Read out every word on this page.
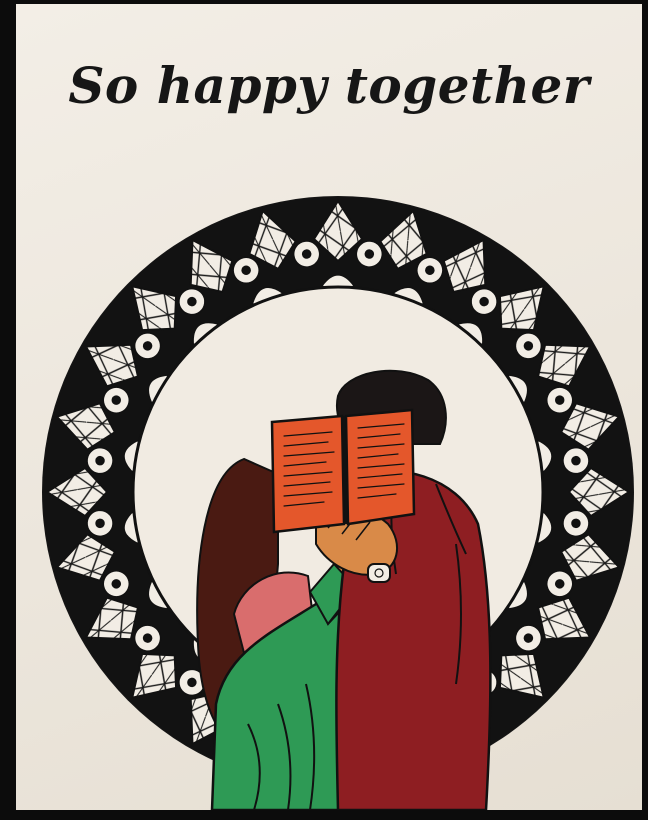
So happy together
